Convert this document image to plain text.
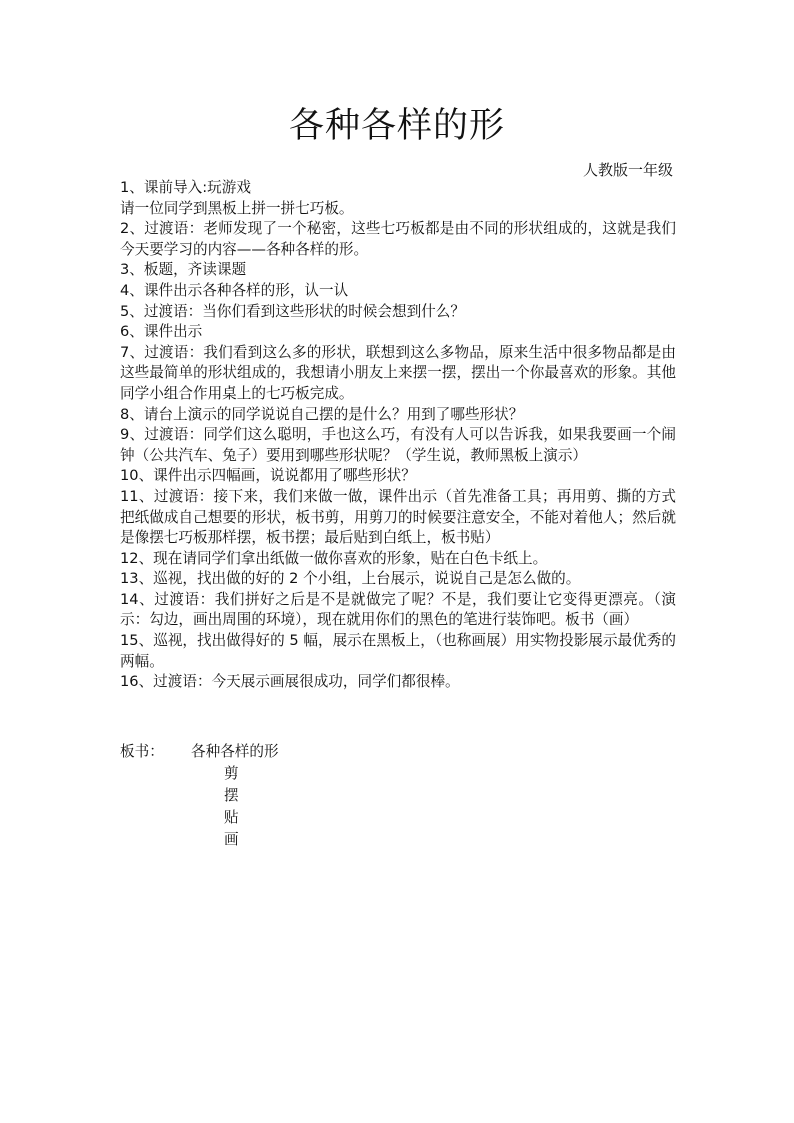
各种各样的形
人教版一年级

1、课前导入:玩游戏

请一位同学到黑板上拼一拼七巧板。

2、过渡语：老师发现了一个秘密，这些七巧板都是由不同的形状组成的，这就是我们今天要学习的内容——各种各样的形。

3、板题，齐读课题

4、课件出示各种各样的形，认一认

5、过渡语：当你们看到这些形状的时候会想到什么？

6、课件出示

7、过渡语：我们看到这么多的形状，联想到这么多物品，原来生活中很多物品都是由这些最简单的形状组成的，我想请小朋友上来摆一摆，摆出一个你最喜欢的形象。其他同学小组合作用桌上的七巧板完成。

8、请台上演示的同学说说自己摆的是什么？用到了哪些形状？

9、过渡语：同学们这么聪明，手也这么巧，有没有人可以告诉我，如果我要画一个闹钟（公共汽车、兔子）要用到哪些形状呢？（学生说，教师黑板上演示）

10、课件出示四幅画，说说都用了哪些形状？

11、过渡语：接下来，我们来做一做，课件出示（首先准备工具；再用剪、撕的方式把纸做成自己想要的形状，板书剪，用剪刀的时候要注意安全，不能对着他人；然后就是像摆七巧板那样摆，板书摆；最后贴到白纸上，板书贴）

12、现在请同学们拿出纸做一做你喜欢的形象，贴在白色卡纸上。

13、巡视，找出做的好的 2 个小组，上台展示，说说自己是怎么做的。

14、过渡语：我们拼好之后是不是就做完了呢？不是，我们要让它变得更漂亮。（演示：勾边，画出周围的环境），现在就用你们的黑色的笔进行装饰吧。板书（画）

15、巡视，找出做得好的 5 幅，展示在黑板上，（也称画展）用实物投影展示最优秀的两幅。

16、过渡语：今天展示画展很成功，同学们都很棒。

板书： 各种各样的形
剪
摆
贴
画
